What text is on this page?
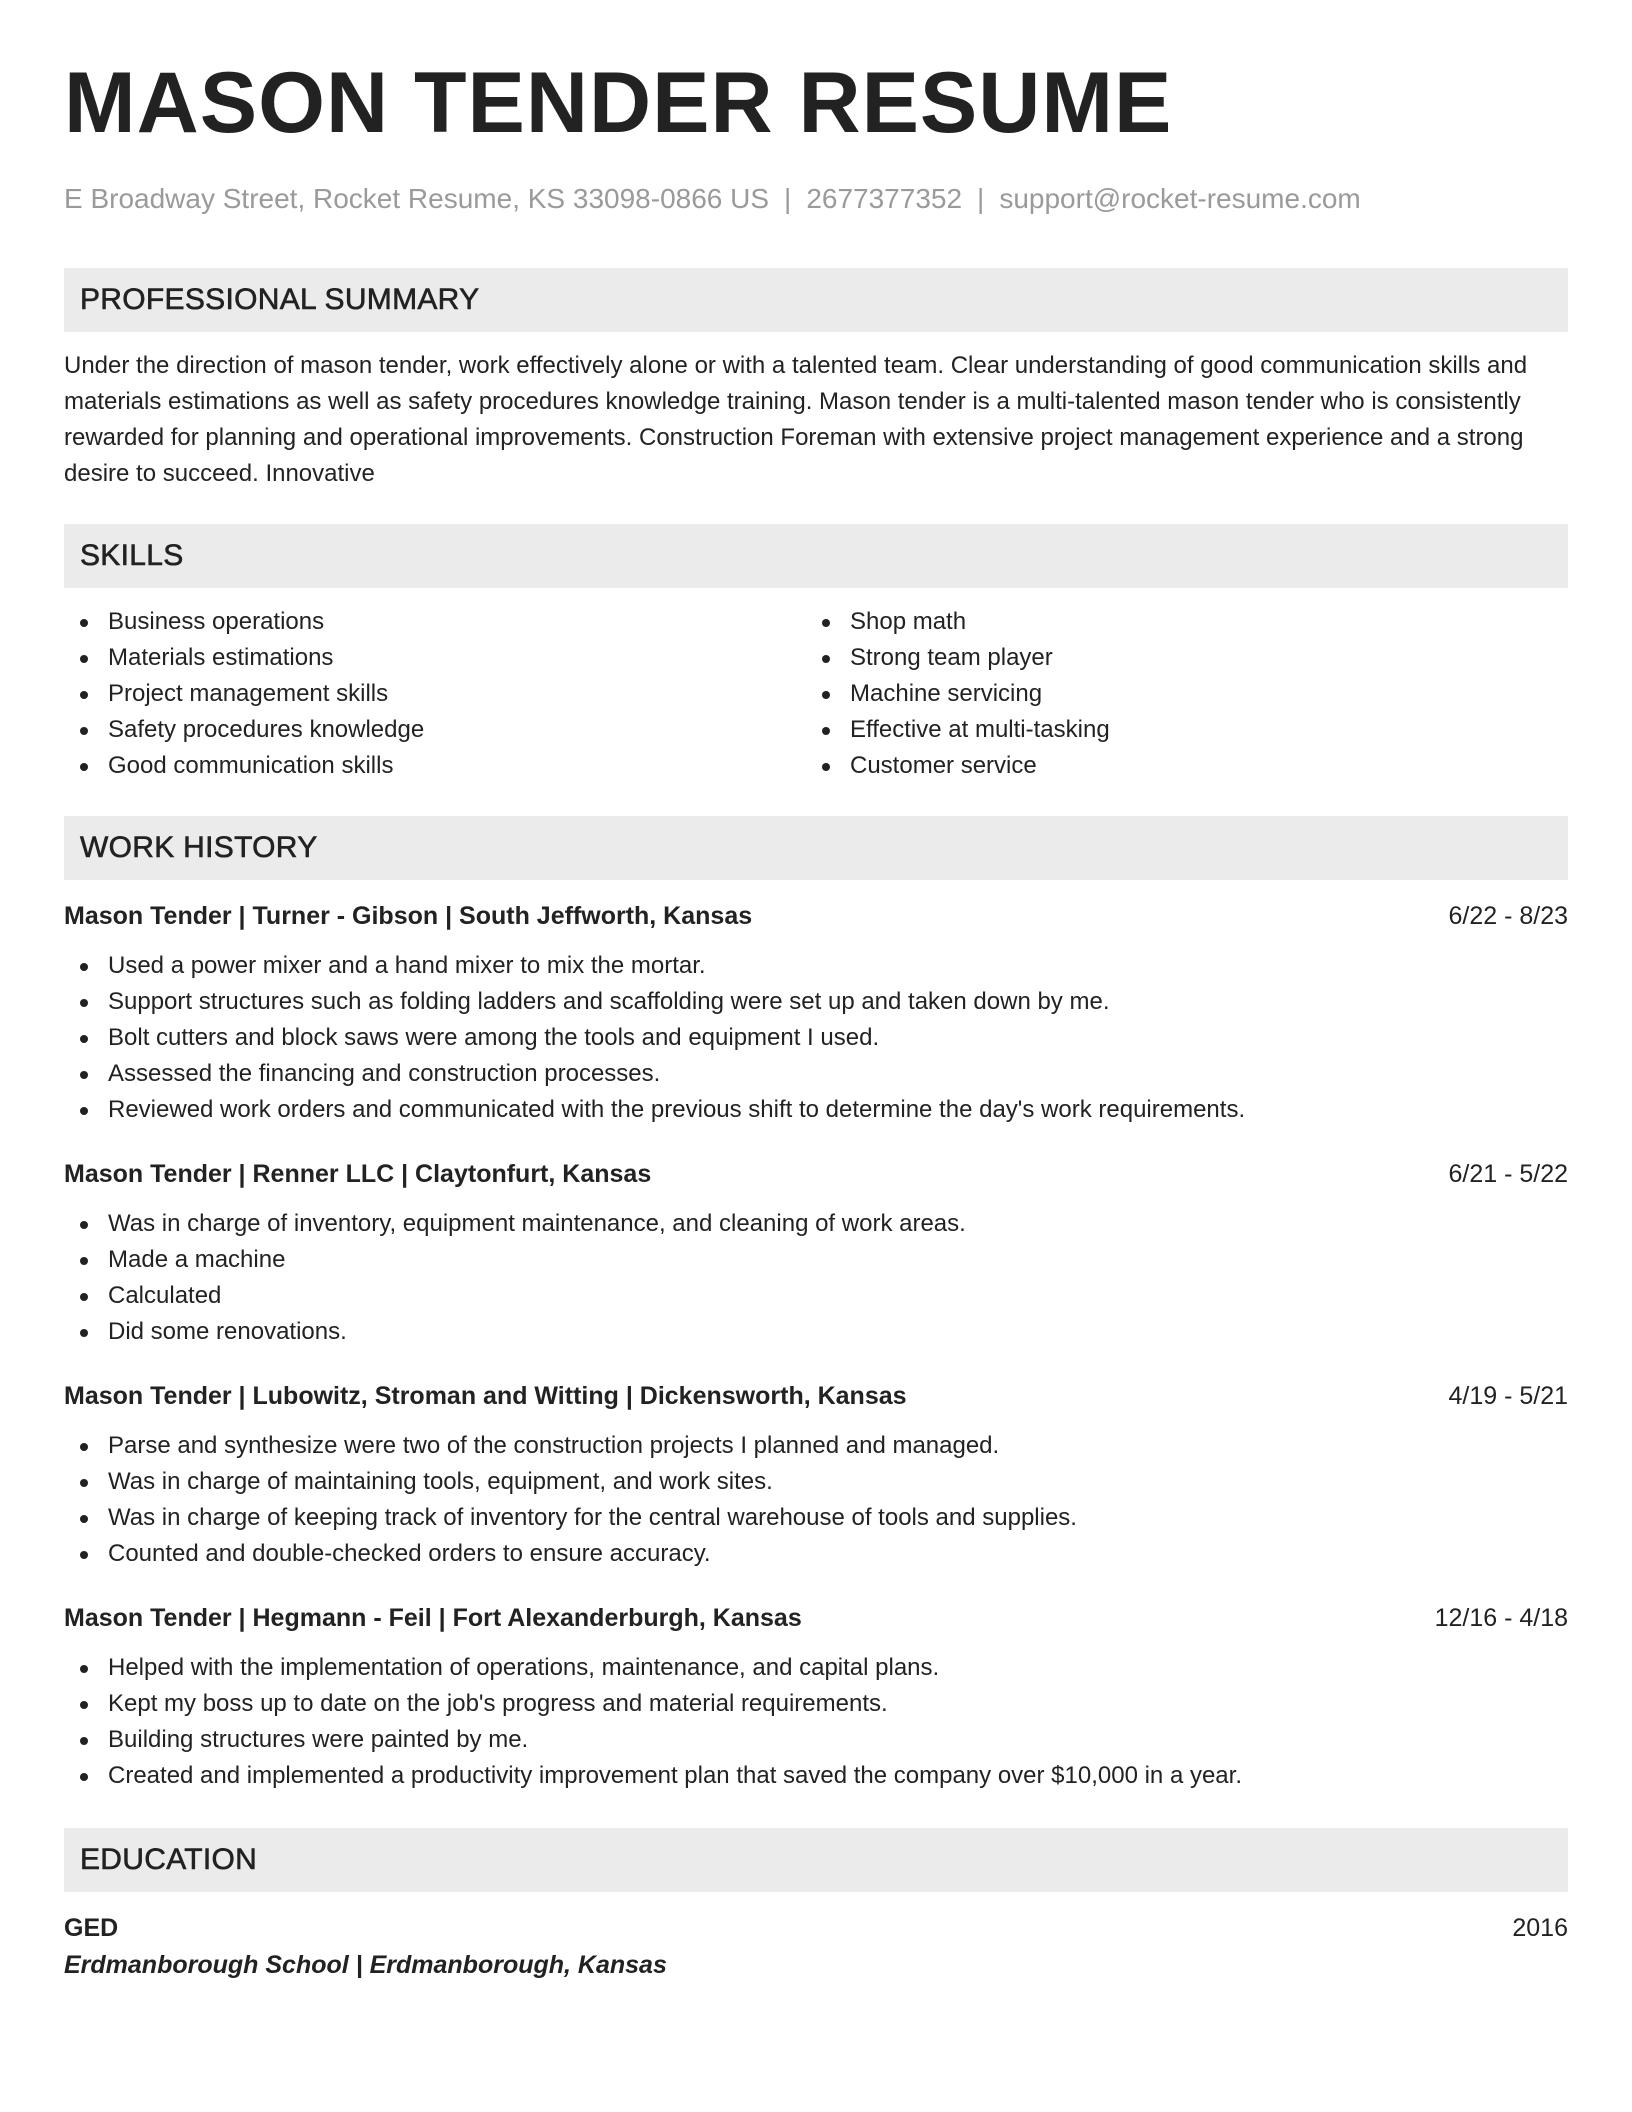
MASON TENDER RESUME
E Broadway Street, Rocket Resume, KS 33098-0866 US | 2677377352 | support@rocket-resume.com
PROFESSIONAL SUMMARY
Under the direction of mason tender, work effectively alone or with a talented team. Clear understanding of good communication skills and materials estimations as well as safety procedures knowledge training. Mason tender is a multi-talented mason tender who is consistently rewarded for planning and operational improvements. Construction Foreman with extensive project management experience and a strong desire to succeed. Innovative
SKILLS
Business operations
Materials estimations
Project management skills
Safety procedures knowledge
Good communication skills
Shop math
Strong team player
Machine servicing
Effective at multi-tasking
Customer service
WORK HISTORY
Mason Tender | Turner - Gibson | South Jeffworth, Kansas	6/22 - 8/23
Used a power mixer and a hand mixer to mix the mortar.
Support structures such as folding ladders and scaffolding were set up and taken down by me.
Bolt cutters and block saws were among the tools and equipment I used.
Assessed the financing and construction processes.
Reviewed work orders and communicated with the previous shift to determine the day's work requirements.
Mason Tender | Renner LLC | Claytonfurt, Kansas	6/21 - 5/22
Was in charge of inventory, equipment maintenance, and cleaning of work areas.
Made a machine
Calculated
Did some renovations.
Mason Tender | Lubowitz, Stroman and Witting | Dickensworth, Kansas	4/19 - 5/21
Parse and synthesize were two of the construction projects I planned and managed.
Was in charge of maintaining tools, equipment, and work sites.
Was in charge of keeping track of inventory for the central warehouse of tools and supplies.
Counted and double-checked orders to ensure accuracy.
Mason Tender | Hegmann - Feil | Fort Alexanderburgh, Kansas	12/16 - 4/18
Helped with the implementation of operations, maintenance, and capital plans.
Kept my boss up to date on the job's progress and material requirements.
Building structures were painted by me.
Created and implemented a productivity improvement plan that saved the company over $10,000 in a year.
EDUCATION
GED	2016
Erdmanborough School | Erdmanborough, Kansas
